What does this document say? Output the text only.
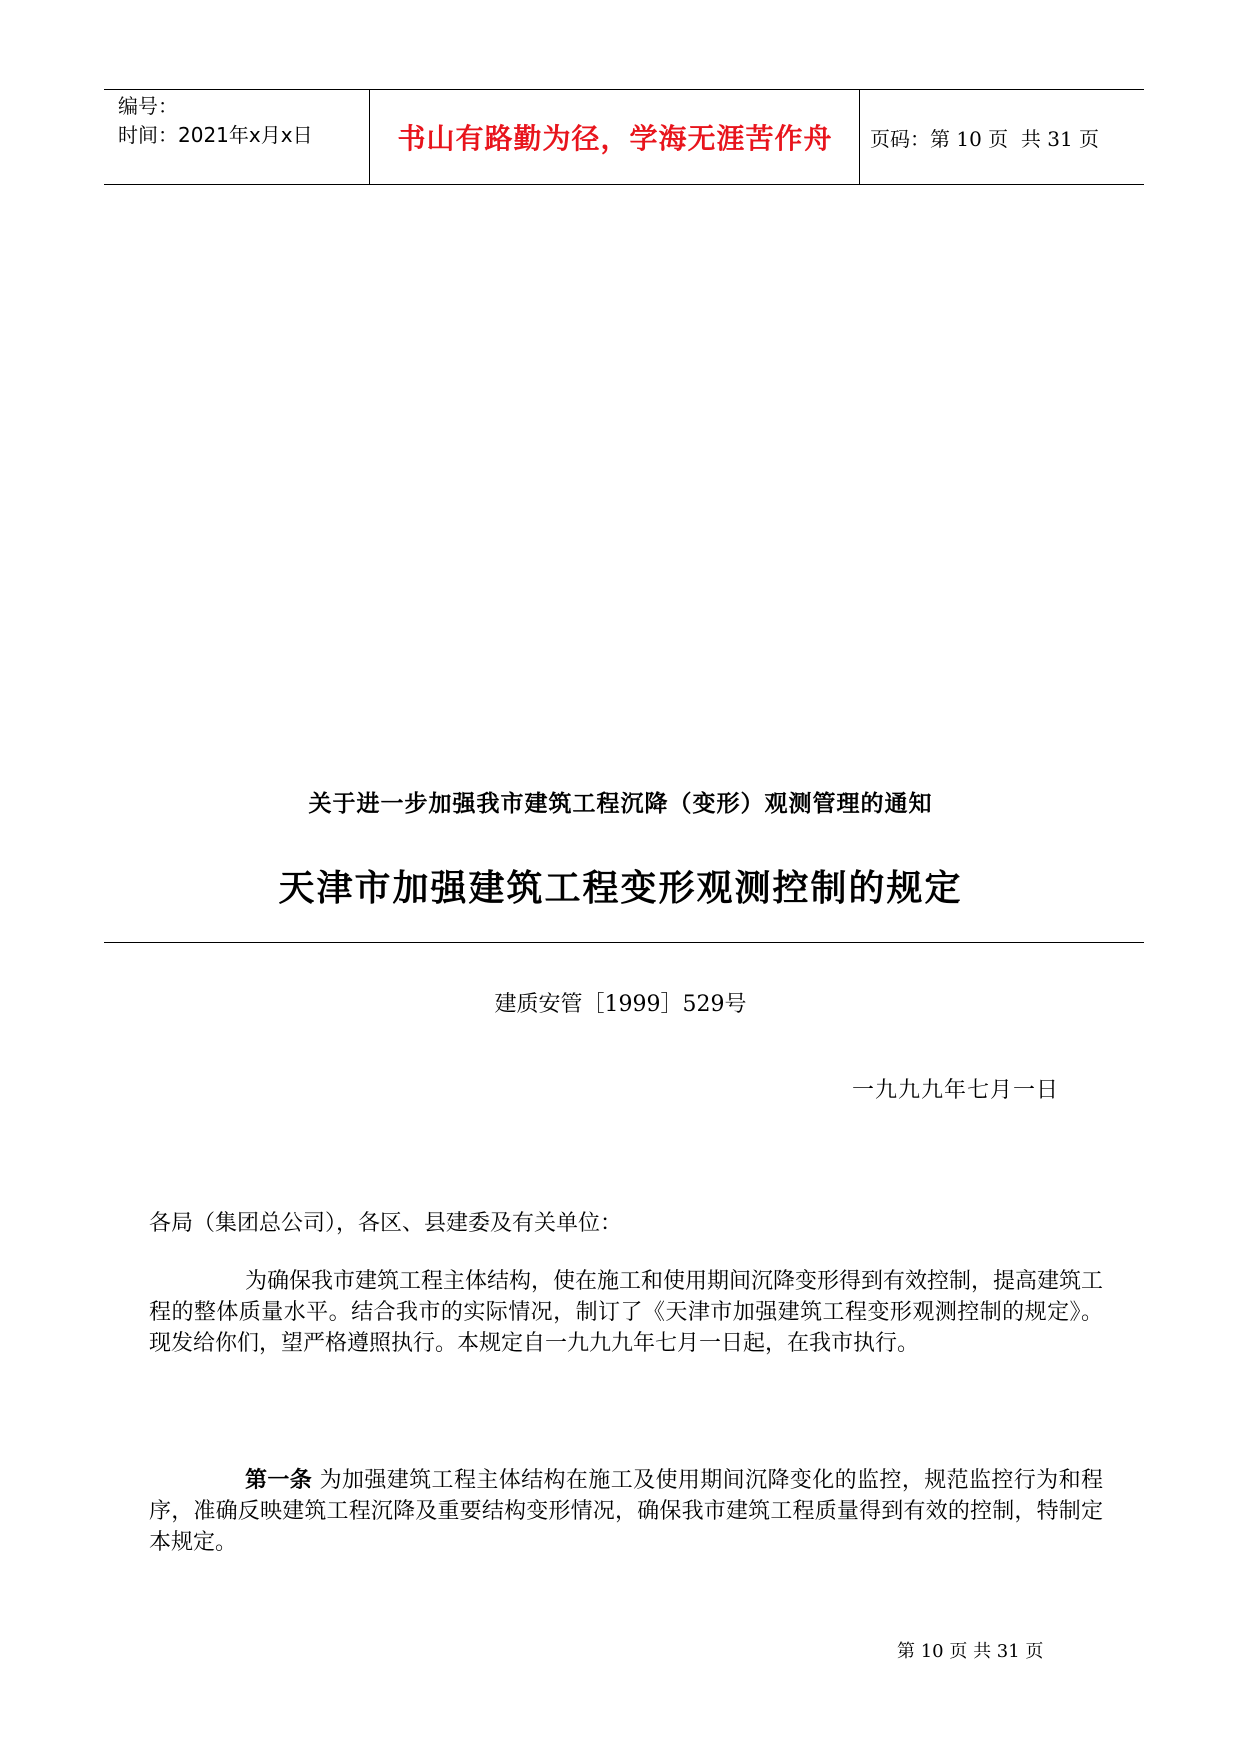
编号：
时间：2021年x月x日	书山有路勤为径，学海无涯苦作舟	页码：第 10 页  共 31 页
关于进一步加强我市建筑工程沉降（变形）观测管理的通知
天津市加强建筑工程变形观测控制的规定
建质安管［1999］529号
一九九九年七月一日
各局（集团总公司），各区、县建委及有关单位：

为确保我市建筑工程主体结构，使在施工和使用期间沉降变形得到有效控制，提高建筑工程的整体质量水平。结合我市的实际情况，制订了《天津市加强建筑工程变形观测控制的规定》。现发给你们，望严格遵照执行。本规定自一九九九年七月一日起，在我市执行。

第一条 为加强建筑工程主体结构在施工及使用期间沉降变化的监控，规范监控行为和程序，准确反映建筑工程沉降及重要结构变形情况，确保我市建筑工程质量得到有效的控制，特制定本规定。

第 10 页 共 31 页
